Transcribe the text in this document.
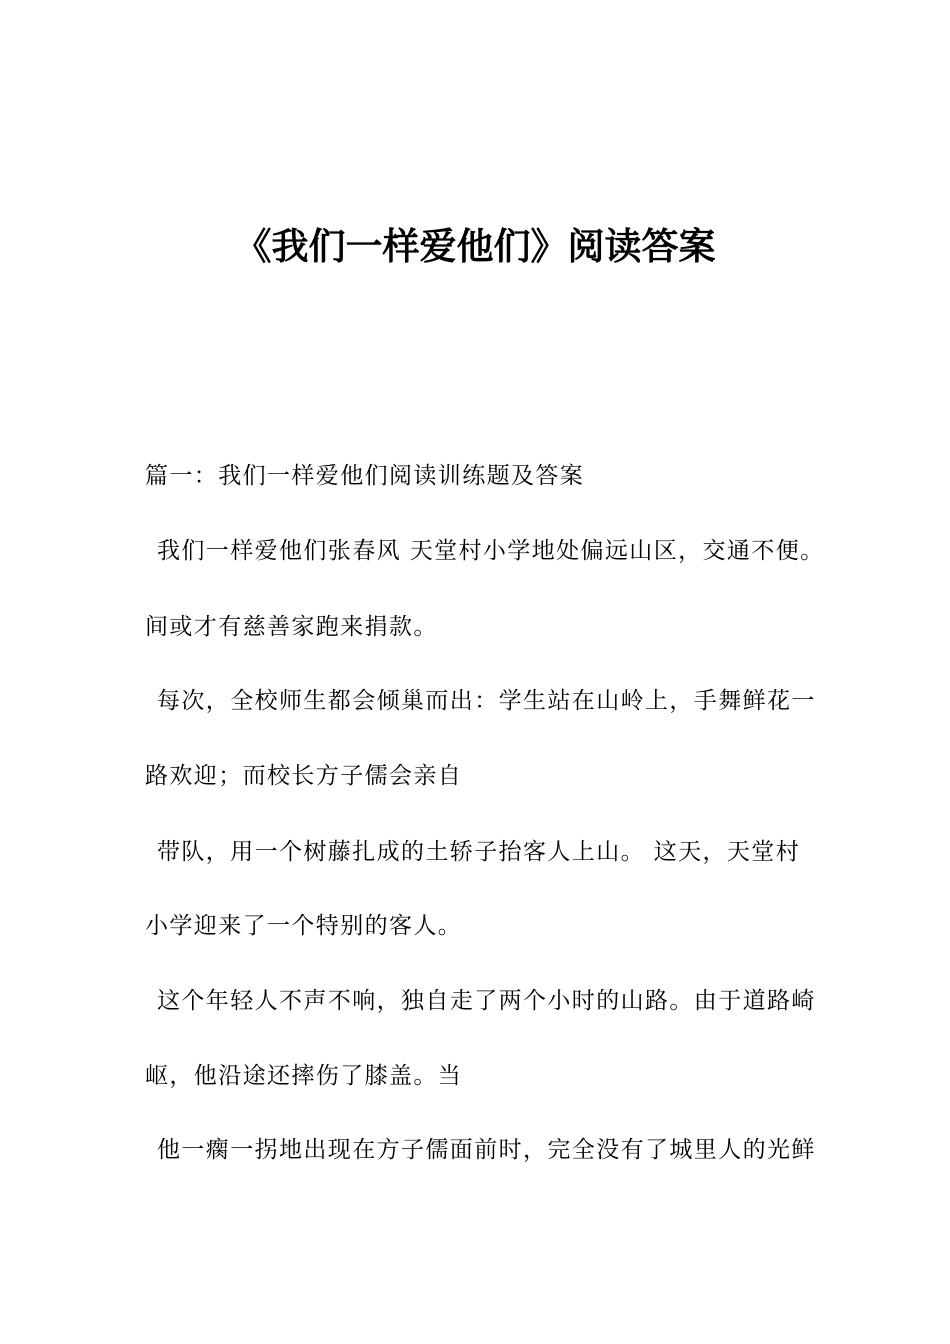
《我们一样爱他们》阅读答案
篇一：我们一样爱他们阅读训练题及答案
我们一样爱他们张春风 天堂村小学地处偏远山区，交通不便。
间或才有慈善家跑来捐款。
每次，全校师生都会倾巢而出：学生站在山岭上，手舞鲜花一
路欢迎；而校长方子儒会亲自
带队，用一个树藤扎成的土轿子抬客人上山。 这天，天堂村
小学迎来了一个特别的客人。
这个年轻人不声不响，独自走了两个小时的山路。由于道路崎
岖，他沿途还摔伤了膝盖。当
他一瘸一拐地出现在方子儒面前时，完全没有了城里人的光鲜
